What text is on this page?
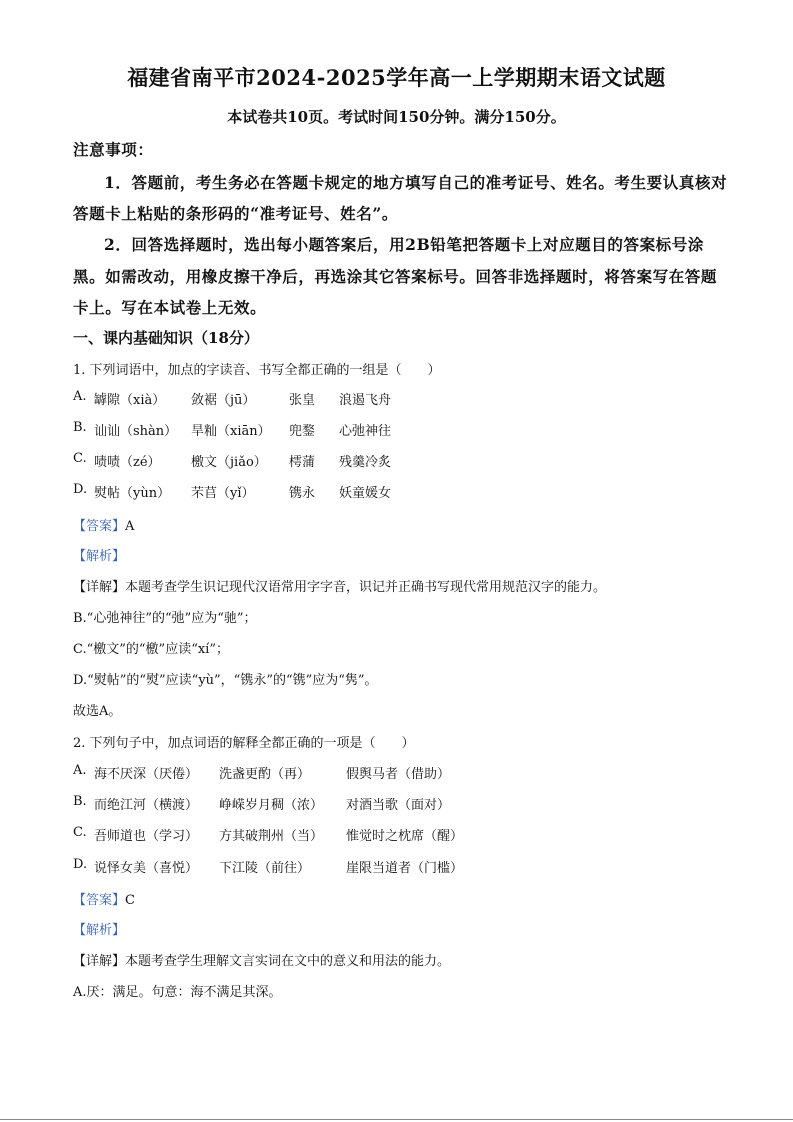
福建省南平市2024-2025学年高一上学期期末语文试题
本试卷共10页。考试时间150分钟。满分150分。
注意事项：
1．答题前，考生务必在答题卡规定的地方填写自己的准考证号、姓名。考生要认真核对
答题卡上粘贴的条形码的“准考证号、姓名”。
2．回答选择题时，选出每小题答案后，用2B铅笔把答题卡上对应题目的答案标号涂
黑。如需改动，用橡皮擦干净后，再选涂其它答案标号。回答非选择题时，将答案写在答题
卡上。写在本试卷上无效。
一、课内基础知识（18分）
1. 下列词语中，加点的字读音、书写全都正确的一组是（　　）
A. 罅隙（xià） 敛裾（jū）	张皇 浪遏飞舟
B. 讪讪（shàn） 旱籼（xiān） 兜鍪 心弛神往
C. 啧啧（zé） 檄文（jiǎo） 樗蒲 残羹冷炙
D. 熨帖（yùn） 芣苢（yǐ）	镌永 妖童媛女
【答案】A
【解析】
【详解】本题考查学生识记现代汉语常用字字音，识记并正确书写现代常用规范汉字的能力。
B.“心弛神往”的“弛”应为“驰”；
C.“檄文”的“檄”应读“xí”；
D.“熨帖”的“熨”应读“yù”，“镌永”的“镌”应为“隽”。
故选A。
2. 下列句子中，加点词语的解释全都正确的一项是（　　）
A. 海不厌深（厌倦） 洗盏更酌（再）	假舆马者（借助）
B. 而绝江河（横渡） 峥嵘岁月稠（浓） 对酒当歌（面对）
C. 吾师道也（学习） 方其破荆州（当） 惟觉时之枕席（醒）
D. 说怿女美（喜悦） 下江陵（前往）	崖限当道者（门槛）
【答案】C
【解析】
【详解】本题考查学生理解文言实词在文中的意义和用法的能力。
A.厌：满足。句意：海不满足其深。
